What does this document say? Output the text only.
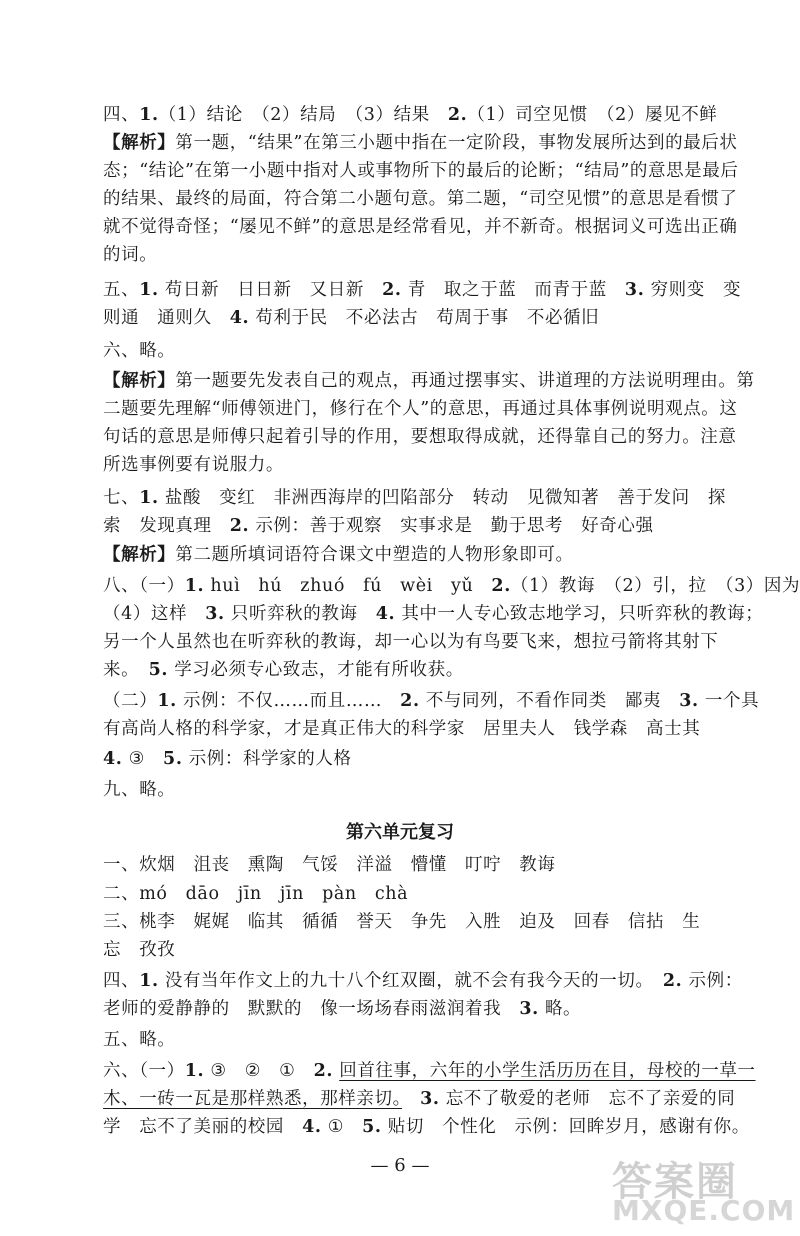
第六单元复习
— 6 —	答案圈
MXQE.COM
四、1.（1）结论　（2）结局　（3）结果　2.（1）司空见惯　（2）屡见不鲜
【解析】第一题，“结果”在第三小题中指在一定阶段，事物发展所达到的最后状
态；“结论”在第一小题中指对人或事物所下的最后的论断；“结局”的意思是最后
的结果、最终的局面，符合第二小题句意。第二题，“司空见惯”的意思是看惯了
就不觉得奇怪；“屡见不鲜”的意思是经常看见，并不新奇。根据词义可选出正确
的词。
五、1. 苟日新　日日新　又日新　2. 青　取之于蓝　而青于蓝　3. 穷则变　变
则通　通则久　4. 苟利于民　不必法古　苟周于事　不必循旧
六、略。
【解析】第一题要先发表自己的观点，再通过摆事实、讲道理的方法说明理由。第
二题要先理解“师傅领进门，修行在个人”的意思，再通过具体事例说明观点。这
句话的意思是师傅只起着引导的作用，要想取得成就，还得靠自己的努力。注意
所选事例要有说服力。
七、1. 盐酸　变红　非洲西海岸的凹陷部分　转动　见微知著　善于发问　探
索　发现真理　2. 示例：善于观察　实事求是　勤于思考　好奇心强
【解析】第二题所填词语符合课文中塑造的人物形象即可。
八、（一）1. huì　hú　zhuó　fú　wèi　yǔ　2.（1）教诲　（2）引，拉　（3）因为
（4）这样　3. 只听弈秋的教诲　4. 其中一人专心致志地学习，只听弈秋的教诲；
另一个人虽然也在听弈秋的教诲，却一心以为有鸟要飞来，想拉弓箭将其射下
来。　5. 学习必须专心致志，才能有所收获。
（二）1. 示例：不仅……而且……　2. 不与同列，不看作同类　鄙夷　3. 一个具
有高尚人格的科学家，才是真正伟大的科学家　居里夫人　钱学森　高士其
4. ③　5. 示例：科学家的人格
九、略。
一、炊烟　沮丧　熏陶　气馁　洋溢　懵懂　叮咛　教诲
二、mó　dāo　jīn　jīn　pàn　chà
三、桃李　娓娓　临其　循循　誉天　争先　入胜　迫及　回春　信拈　生
忘　孜孜
四、1. 没有当年作文上的九十八个红双圈，就不会有我今天的一切。　2. 示例：
老师的爱静静的　默默的　像一场场春雨滋润着我　3. 略。
五、略。
六、（一）1. ③　②　①　2. 回首往事，六年的小学生活历历在目，母校的一草一
木、一砖一瓦是那样熟悉，那样亲切。　 3. 忘不了敬爱的老师　忘不了亲爱的同
学　忘不了美丽的校园　4. ①　5. 贴切　个性化　示例：回眸岁月，感谢有你。
